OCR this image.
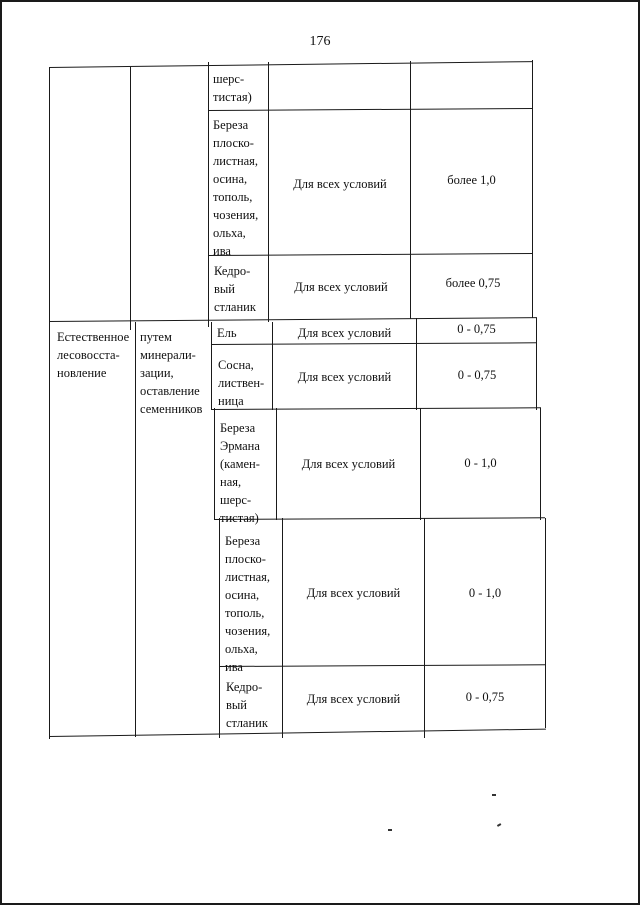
176
шерс-
тистая)
Береза
плоско-
листная,
осина,
тополь,
чозения,
ольха,
ива
Для всех условий	более 1,0
Кедро-
вый
стланик
Для всех условий	более 0,75
Естественное
лесовосста-
новление
путем
минерали-
зации,
оставление
семенников
Ель	Для всех условий	0 - 0,75
Сосна,
листвен-
ница
Для всех условий	0 - 0,75
Береза
Эрмана
(камен-
ная,
шерс-
тистая)
Для всех условий	0 - 1,0
Береза
плоско-
листная,
осина,
тополь,
чозения,
ольха,
ива
Для всех условий	0 - 1,0
Кедро-
вый
стланик
Для всех условий	0 - 0,75
